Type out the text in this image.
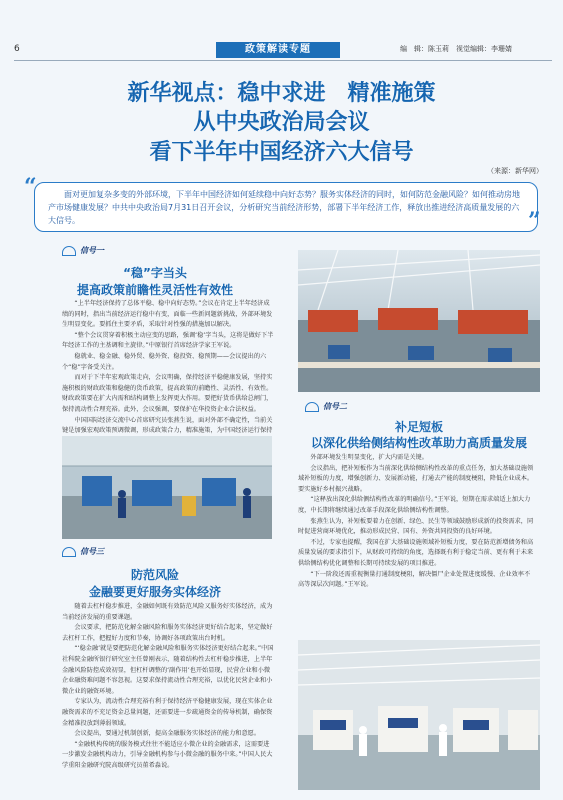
6	政策解读专题	编　辑：陈玉莉　视觉编辑：李珊婧
新华视点：稳中求进　精准施策
从中央政治局会议
看下半年中国经济六大信号
（来源：新华网）
“
”
面对更加复杂多变的外部环境，下半年中国经济如何延续稳中向好态势？服务实体经济的同时，如何防范金融风险？如何推动房地产市场健康发展？中共中央政治局7月31日召开会议，分析研究当前经济形势，部署下半年经济工作，释放出推进经济高质量发展的六大信号。
信号一
“稳”字当头
提高政策前瞻性灵活性有效性

“上半年经济保持了总体平稳、稳中向好态势。”会议在肯定上半年经济成绩的同时，指出当前经济运行稳中有变，面临一些新问题新挑战，外部环境发生明显变化。要抓住主要矛盾，采取针对性强的措施加以解决。

“整个会议贯穿着积极主动应变的思路，强调‘稳’字当头，这将是做好下半年经济工作的主基调和主旋律。”中原银行首席经济学家王军说。

稳就业、稳金融、稳外贸、稳外资、稳投资、稳预期——会议提出的六个“稳”字备受关注。

而对于下半年宏观政策走向，会议明确，保持经济平稳健康发展，坚持实施积极的财政政策和稳健的货币政策，提高政策的前瞻性、灵活性、有效性。财政政策要在扩大内需和结构调整上发挥更大作用。要把好货币供给总闸门，保持流动性合理充裕。此外，会议强调，要保护在华投资企业合法权益。

中国国际经济交流中心首席研究员张燕生说，面对外部不确定性，当前关键是加强宏观政策预调微调，形成政策合力，精准施策，为中国经济运行保持

信号二
补足短板
以深化供给侧结构性改革助力高质量发展

外部环境发生明显变化，扩大内需是关键。

会议指出，把补短板作为当前深化供给侧结构性改革的重点任务，加大基础设施领域补短板的力度，增强创新力、发展新动能，打通去产能的制度梗阻，降低企业成本。要实施好乡村振兴战略。

“这释放出深化供给侧结构性改革的明确信号。”王军说，短期在需求端适上加大力度，中长期将继续通过改革手段深化供给侧结构性调整。

张燕生认为，补短板要着力在创新、绿色、民生等领域鼓励形成新的投资需求，同时促进营商环境优化，推动形成民营、国有、外资共同投资的良好环境。

不过，专家也提醒，我国在扩大基础设施领域补短板力度，要在防范新增债务和高质量发展的要求指引下，从财政可持续的角度，选择既有利于稳定当前、更有利于未来供给侧结构优化调整和长期可持续发展的项目推进。

“下一阶段还需重视衡量打通制度梗阻，解决僵尸企业处置进度缓慢、企业效率不高等深层次问题。”王军说。

信号三
防范风险
金融要更好服务实体经济

随着去杠杆稳步推进，金融如何既有效防范风险又服务好实体经济，成为当前经济发展的重要课题。

会议要求，把防范化解金融风险和服务实体经济更好结合起来，坚定做好去杠杆工作，把握好力度和节奏，协调好各项政策出台时机。

“‘稳金融’就是要把防范化解金融风险和服务实体经济更好结合起来。”中国社科院金融所银行研究室主任曾刚表示，随着结构性去杠杆稳步推进，上半年金融风险防控成效初显，但杠杆调整的‘副作用’也开始显现，民营企业和小微企业融资难问题不容忽视。这要求保持流动性合理充裕，以优化民营企业和小微企业的融资环境。

专家认为，流动性合理充裕有利于保持经济平稳健康发展，现在实体企业融资需求的不充足资金总量问题，还需要进一步疏通资金的传导机制，确保资金精准投放到薄弱领域。

会议提出，要通过机制创新，提高金融服务实体经济的能力和意愿。

“金融机构传统的服务模式往往不能适应小微企业的金融需求，这需要进一步激发金融机构动力，引导金融机构参与小微金融的服务中来。”中国人民大学重阳金融研究院高级研究员董希淼说。
